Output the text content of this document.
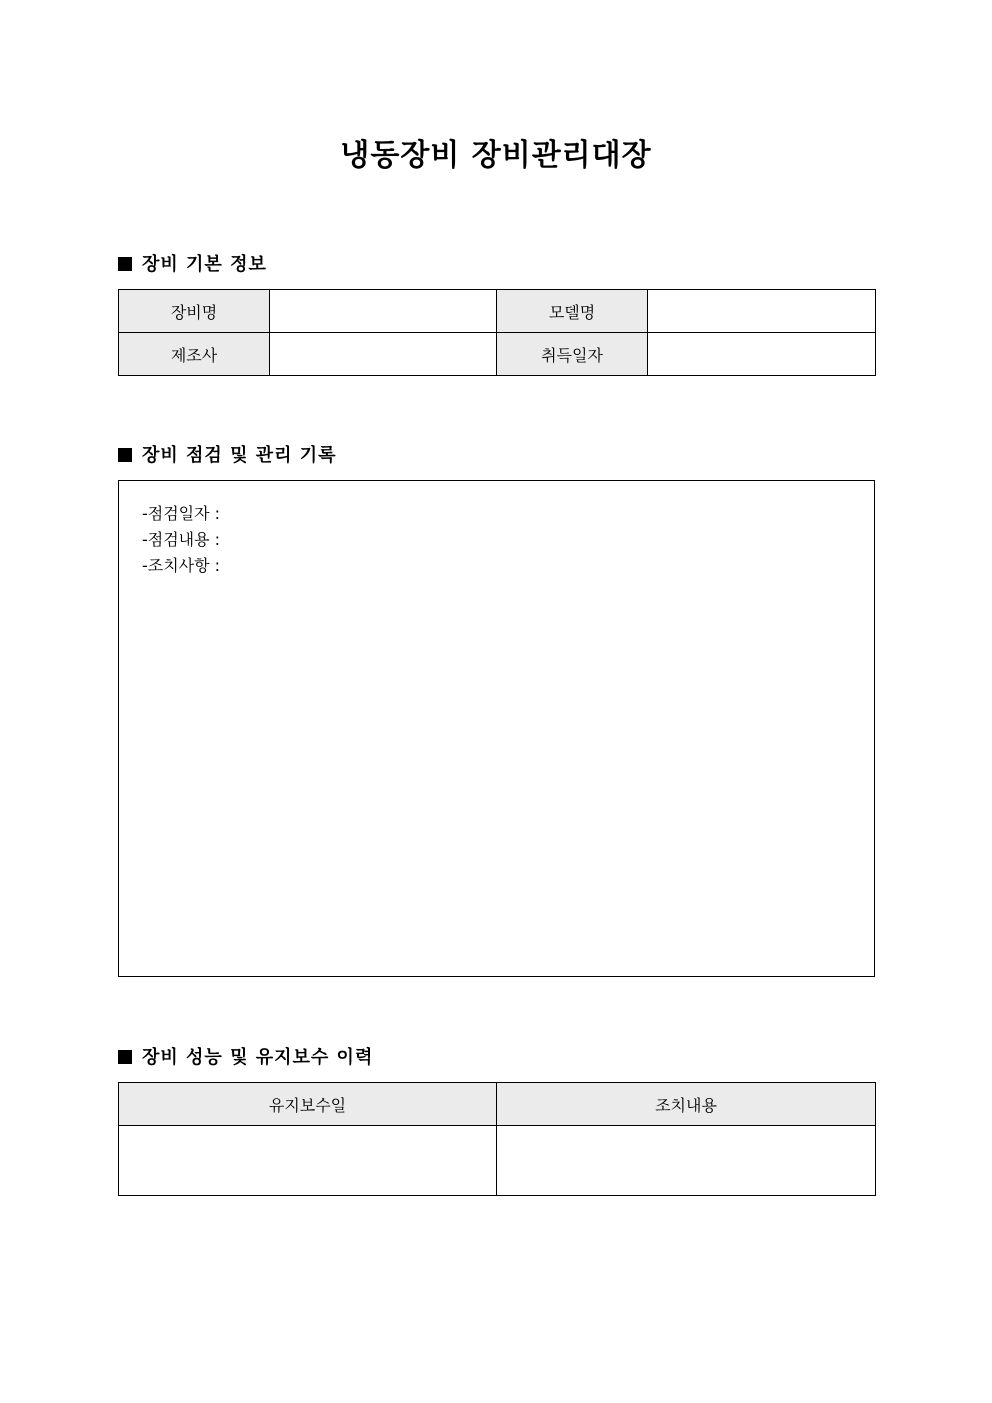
냉동장비 장비관리대장
장비 기본 정보
장비명		모델명	
제조사		취득일자	
장비 점검 및 관리 기록
-점검일자 :
-점검내용 :
-조치사항 :
장비 성능 및 유지보수 이력
유지보수일	조치내용
